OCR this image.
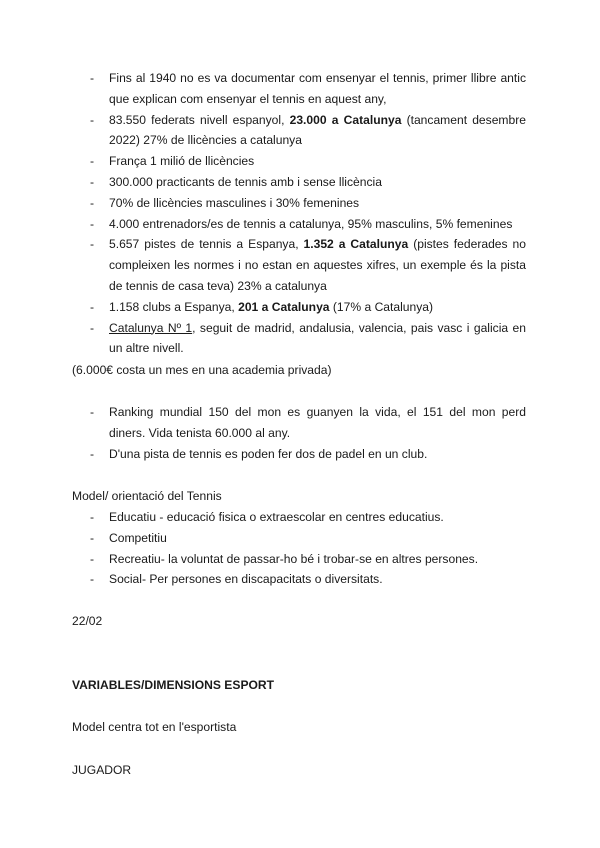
- Fins al 1940 no es va documentar com ensenyar el tennis, primer llibre antic que explican com ensenyar el tennis en aquest any,
- 83.550 federats nivell espanyol, 23.000 a Catalunya (tancament desembre 2022) 27% de llicències a catalunya
- França 1 milió de llicències
- 300.000 practicants de tennis amb i sense llicència
- 70% de llicències masculines i 30% femenines
- 4.000 entrenadors/es de tennis a catalunya, 95% masculins, 5% femenines
- 5.657 pistes de tennis a Espanya, 1.352 a Catalunya (pistes federades no compleixen les normes i no estan en aquestes xifres, un exemple és la pista de tennis de casa teva) 23% a catalunya
- 1.158 clubs a Espanya, 201 a Catalunya (17% a Catalunya)
- Catalunya Nº 1, seguit de madrid, andalusia, valencia, pais vasc i galicia en un altre nivell.

(6.000€ costa un mes en una academia privada)

- Ranking mundial 150 del mon es guanyen la vida, el 151 del mon perd diners. Vida tenista 60.000 al any.
- D'una pista de tennis es poden fer dos de padel en un club.

Model/ orientació del Tennis

- Educatiu - educació fisica o extraescolar en centres educatius.
- Competitiu
- Recreatiu- la voluntat de passar-ho bé i trobar-se en altres persones.
- Social- Per persones en discapacitats o diversitats.

22/02

VARIABLES/DIMENSIONS ESPORT

Model centra tot en l'esportista

JUGADOR
